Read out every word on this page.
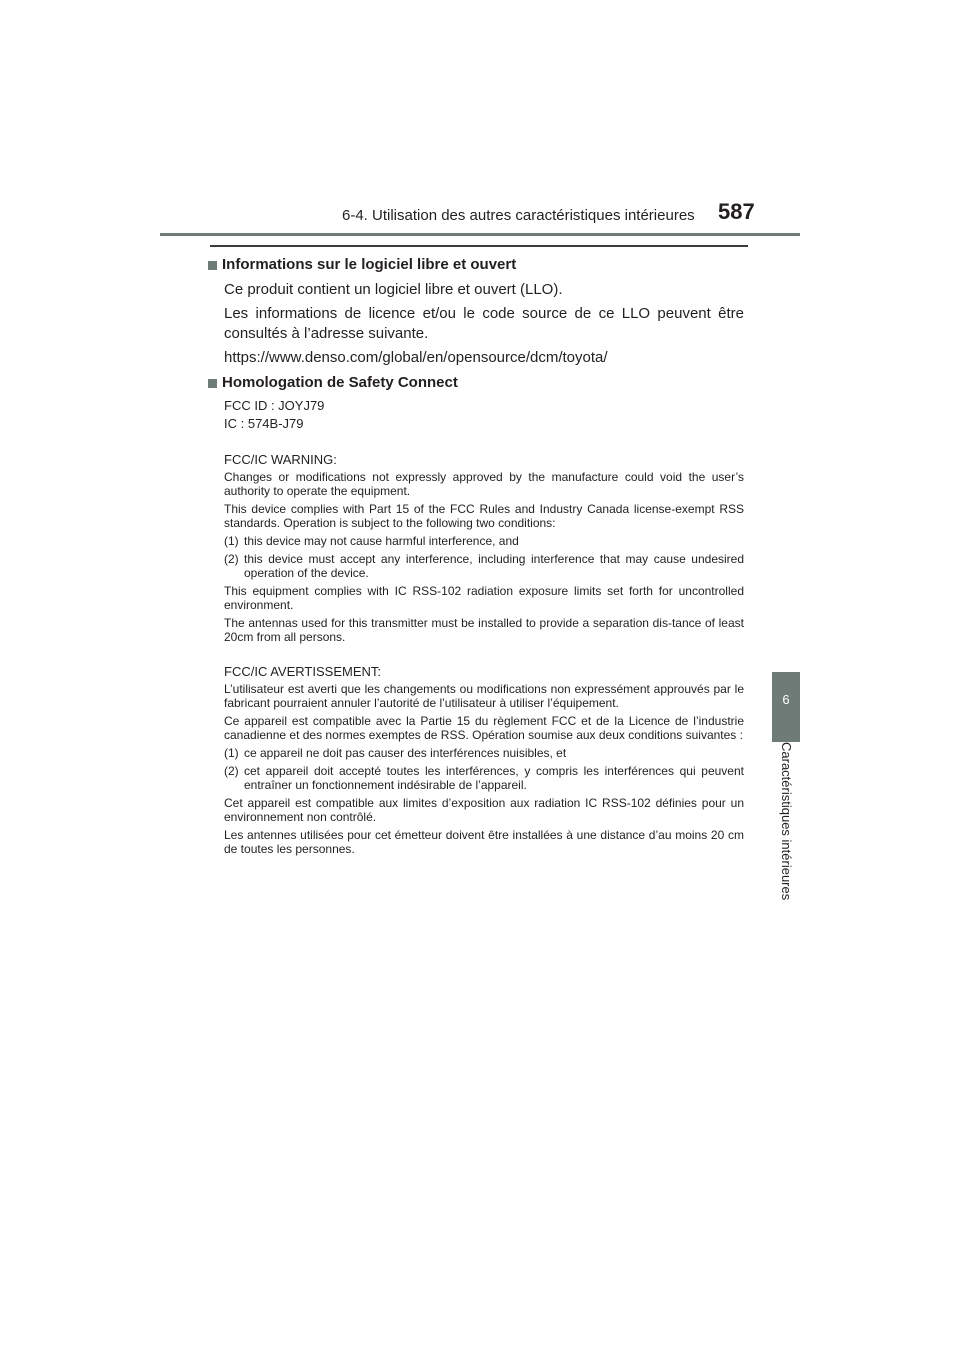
6-4. Utilisation des autres caractéristiques intérieures 587
6
Caractéristiques intérieures
Informations sur le logiciel libre et ouvert

Ce produit contient un logiciel libre et ouvert (LLO).

Les informations de licence et/ou le code source de ce LLO peuvent être consultés à l’adresse suivante.

https://www.denso.com/global/en/opensource/dcm/toyota/

Homologation de Safety Connect
FCC ID : JOYJ79
IC : 574B-J79
FCC/IC WARNING:

Changes or modifications not expressly approved by the manufacture could void the user’s authority to operate the equipment.

This device complies with Part 15 of the FCC Rules and Industry Canada license-exempt RSS standards. Operation is subject to the following two conditions:

(1) this device may not cause harmful interference, and
(2) this device must accept any interference, including interference that may cause undesired operation of the device.

This equipment complies with IC RSS-102 radiation exposure limits set forth for uncontrolled environment.

The antennas used for this transmitter must be installed to provide a separation dis-tance of least 20cm from all persons.

FCC/IC AVERTISSEMENT:

L’utilisateur est averti que les changements ou modifications non expressément approuvés par le fabricant pourraient annuler l’autorité de l’utilisateur à utiliser l’équipement.

Ce appareil est compatible avec la Partie 15 du règlement FCC et de la Licence de l’industrie canadienne et des normes exemptes de RSS. Opération soumise aux deux conditions suivantes :

(1) ce appareil ne doit pas causer des interférences nuisibles, et
(2) cet appareil doit accepté toutes les interférences, y compris les interférences qui peuvent entraîner un fonctionnement indésirable de l’appareil.

Cet appareil est compatible aux limites d’exposition aux radiation IC RSS-102 définies pour un environnement non contrôlé.

Les antennes utilisées pour cet émetteur doivent être installées à une distance d’au moins 20 cm de toutes les personnes.
